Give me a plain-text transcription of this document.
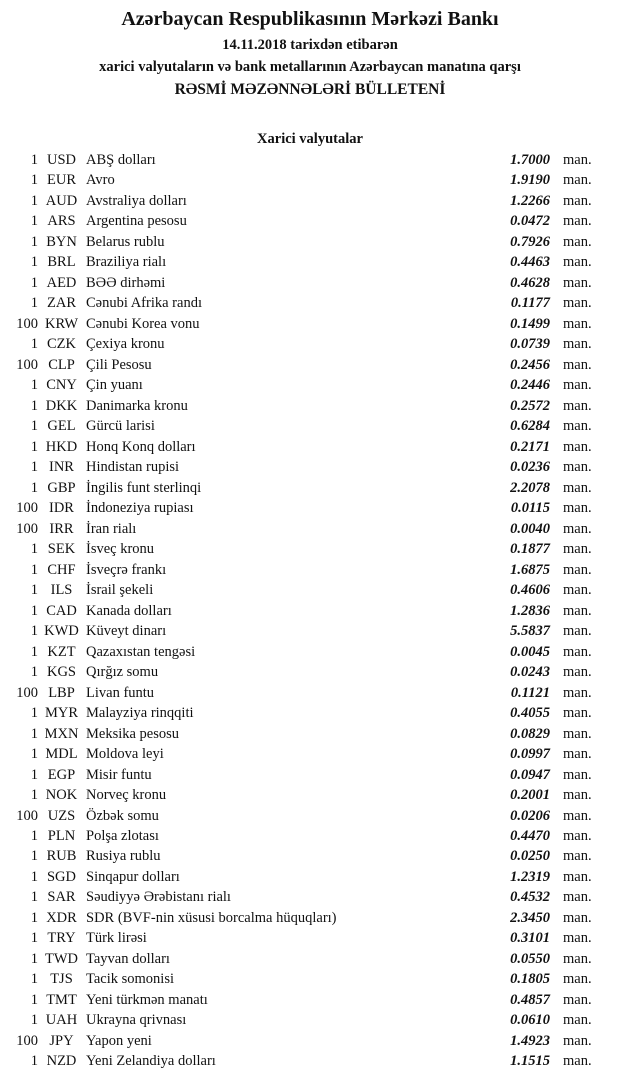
Azərbaycan Respublikasının Mərkəzi Bankı
14.11.2018 tarixdən etibarən
xarici valyutaların və bank metallarının Azərbaycan manatına qarşı
RƏSMİ MƏZƏNNƏLƏRİ BÜLLETENİ
Xarici valyutalar
1 USD ABŞ dolları	1.7000 man.
1 EUR Avro	1.9190 man.
1 AUD Avstraliya dolları	1.2266 man.
1 ARS Argentina pesosu	0.0472 man.
1 BYN Belarus rublu	0.7926 man.
1 BRL Braziliya rialı	0.4463 man.
1 AED BƏƏ dirhəmi	0.4628 man.
1 ZAR Cənubi Afrika randı	0.1177 man.
100 KRW Cənubi Korea vonu	0.1499 man.
1 CZK Çexiya kronu	0.0739 man.
100 CLP Çili Pesosu	0.2456 man.
1 CNY Çin yuanı	0.2446 man.
1 DKK Danimarka kronu	0.2572 man.
1 GEL Gürcü larisi	0.6284 man.
1 HKD Honq Konq dolları	0.2171 man.
1 INR Hindistan rupisi	0.0236 man.
1 GBP İngilis funt sterlinqi	2.2078 man.
100 IDR İndoneziya rupiası	0.0115 man.
100 IRR İran rialı	0.0040 man.
1 SEK İsveç kronu	0.1877 man.
1 CHF İsveçrə frankı	1.6875 man.
1 ILS İsrail şekeli	0.4606 man.
1 CAD Kanada dolları	1.2836 man.
1 KWD Küveyt dinarı	5.5837 man.
1 KZT Qazaxıstan tengəsi	0.0045 man.
1 KGS Qırğız somu	0.0243 man.
100 LBP Livan funtu	0.1121 man.
1 MYR Malayziya rinqqiti	0.4055 man.
1 MXN Meksika pesosu	0.0829 man.
1 MDL Moldova leyi	0.0997 man.
1 EGP Misir funtu	0.0947 man.
1 NOK Norveç kronu	0.2001 man.
100 UZS Özbək somu	0.0206 man.
1 PLN Polşa zlotası	0.4470 man.
1 RUB Rusiya rublu	0.0250 man.
1 SGD Sinqapur dolları	1.2319 man.
1 SAR Səudiyyə Ərəbistanı rialı	0.4532 man.
1 XDR SDR (BVF-nin xüsusi borcalma hüquqları)	2.3450 man.
1 TRY Türk lirəsi	0.3101 man.
1 TWD Tayvan dolları	0.0550 man.
1 TJS Tacik somonisi	0.1805 man.
1 TMT Yeni türkmən manatı	0.4857 man.
1 UAH Ukrayna qrivnası	0.0610 man.
100 JPY Yapon yeni	1.4923 man.
1 NZD Yeni Zelandiya dolları	1.1515 man.
